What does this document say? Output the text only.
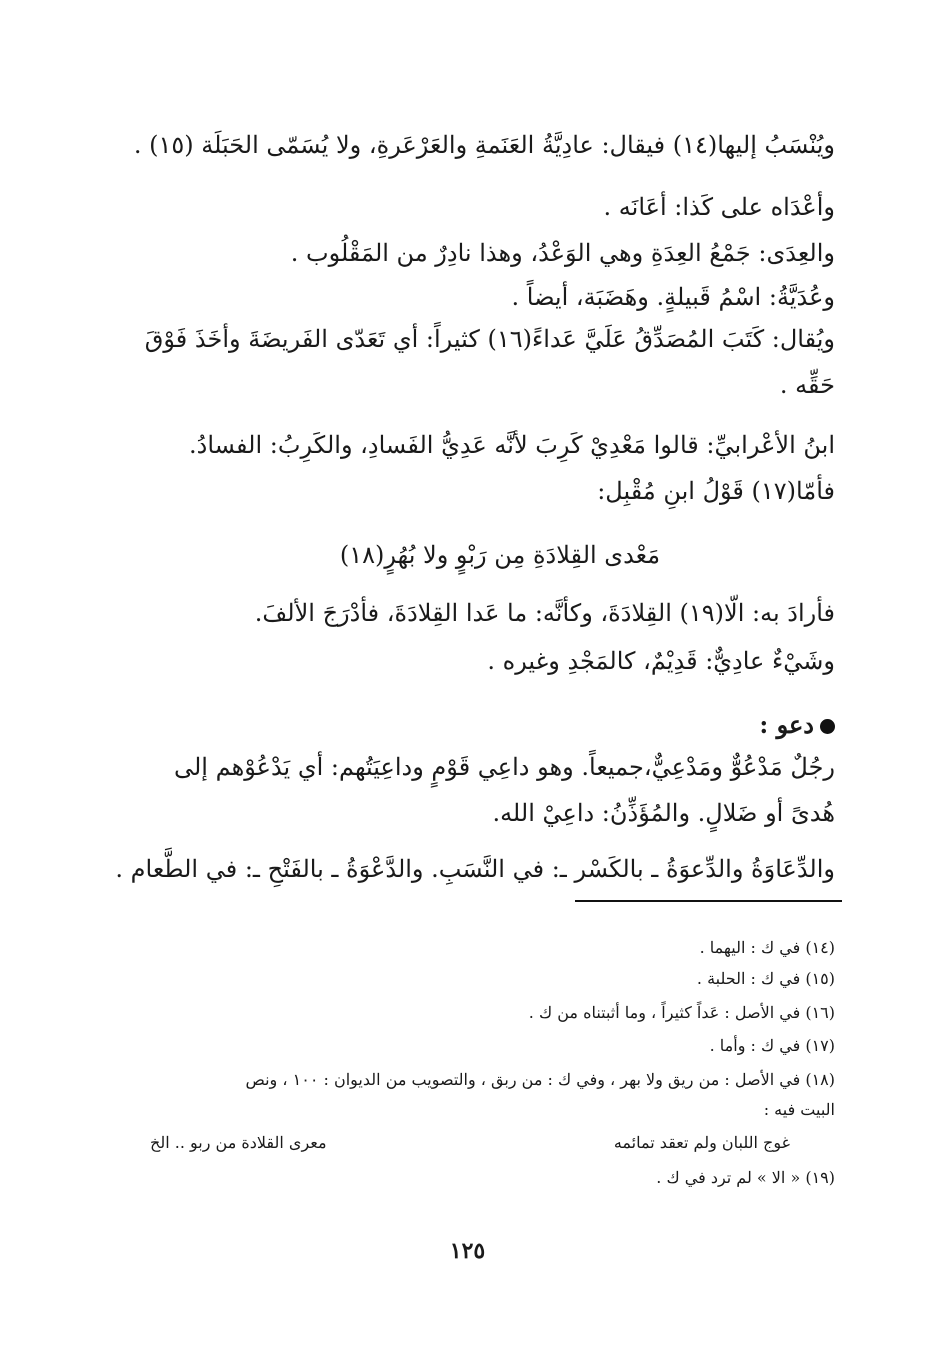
ويُنْسَبُ إليها(١٤) فيقال: عادِيَّةُ العَنَمةِ والعَرْعَرةِ، ولا يُسَمّى الحَبَلَة (١٥) .
وأعْدَاه على كَذا: أعَانَه .
والعِدَى: جَمْعُ العِدَةِ وهي الوَعْدُ، وهذا نادِرٌ من المَقْلُوب .
وعُدَيَّةُ: اسْمُ قَبيلةٍ. وهَضَبَة، أيضاً .
ويُقال: كَتَبَ المُصَدِّقُ عَلَيَّ عَداءً(١٦) كثيراً: أي تَعَدّى الفَريضَةَ وأخَذَ فَوْقَ
حَقِّه .
ابنُ الأعْرابيِّ: قالوا مَعْدِيْ كَرِبَ لأنَّه عَدِيُّ الفَسادِ، والكَرِبُ: الفسادُ.
فأمّا(١٧) قَوْلُ ابنِ مُقْبِل:
مَعْدى القِلادَةِ مِن رَبْوٍ ولا بُهُرٍ(١٨)
فأرادَ به: الّا(١٩) القِلادَةَ، وكأنَّه: ما عَدا القِلادَةَ، فأدْرَجَ الألفَ.
وشَيْءٌ عادِيٌّ: قَدِيْمٌ، كالمَجْدِ وغيره .
دعو :
رجُلٌ مَدْعُوٌّ ومَدْعِيٌّ،جميعاً. وهو داعِي قَوْمٍ وداعِيَتُهم: أي يَدْعُوْهم إلى
هُدىً أو ضَلالٍ. والمُؤَذِّنُ: داعِيْ الله.
والدِّعَاوَةُ والدِّعوَةُ ـ بالكَسْر ـ: في النَّسَبِ. والدَّعْوَةُ ـ بالفَتْحِ ـ: في الطَّعام .
(١٤) في ك : اليهما .
(١٥) في ك : الحلبة .
(١٦) في الأصل : عَداً كثيراً ، وما أثبتناه من ك .
(١٧) في ك : وأما .
(١٨) في الأصل : من ريق ولا بهر ، وفي ك : من ربق ، والتصويب من الديوان : ١٠٠ ، ونص
البيت فيه :
غوج اللبان ولم تعقد تمائمه
معرى القلادة من ربو .. الخ
(١٩) « الا » لم ترد في ك .
١٢٥
